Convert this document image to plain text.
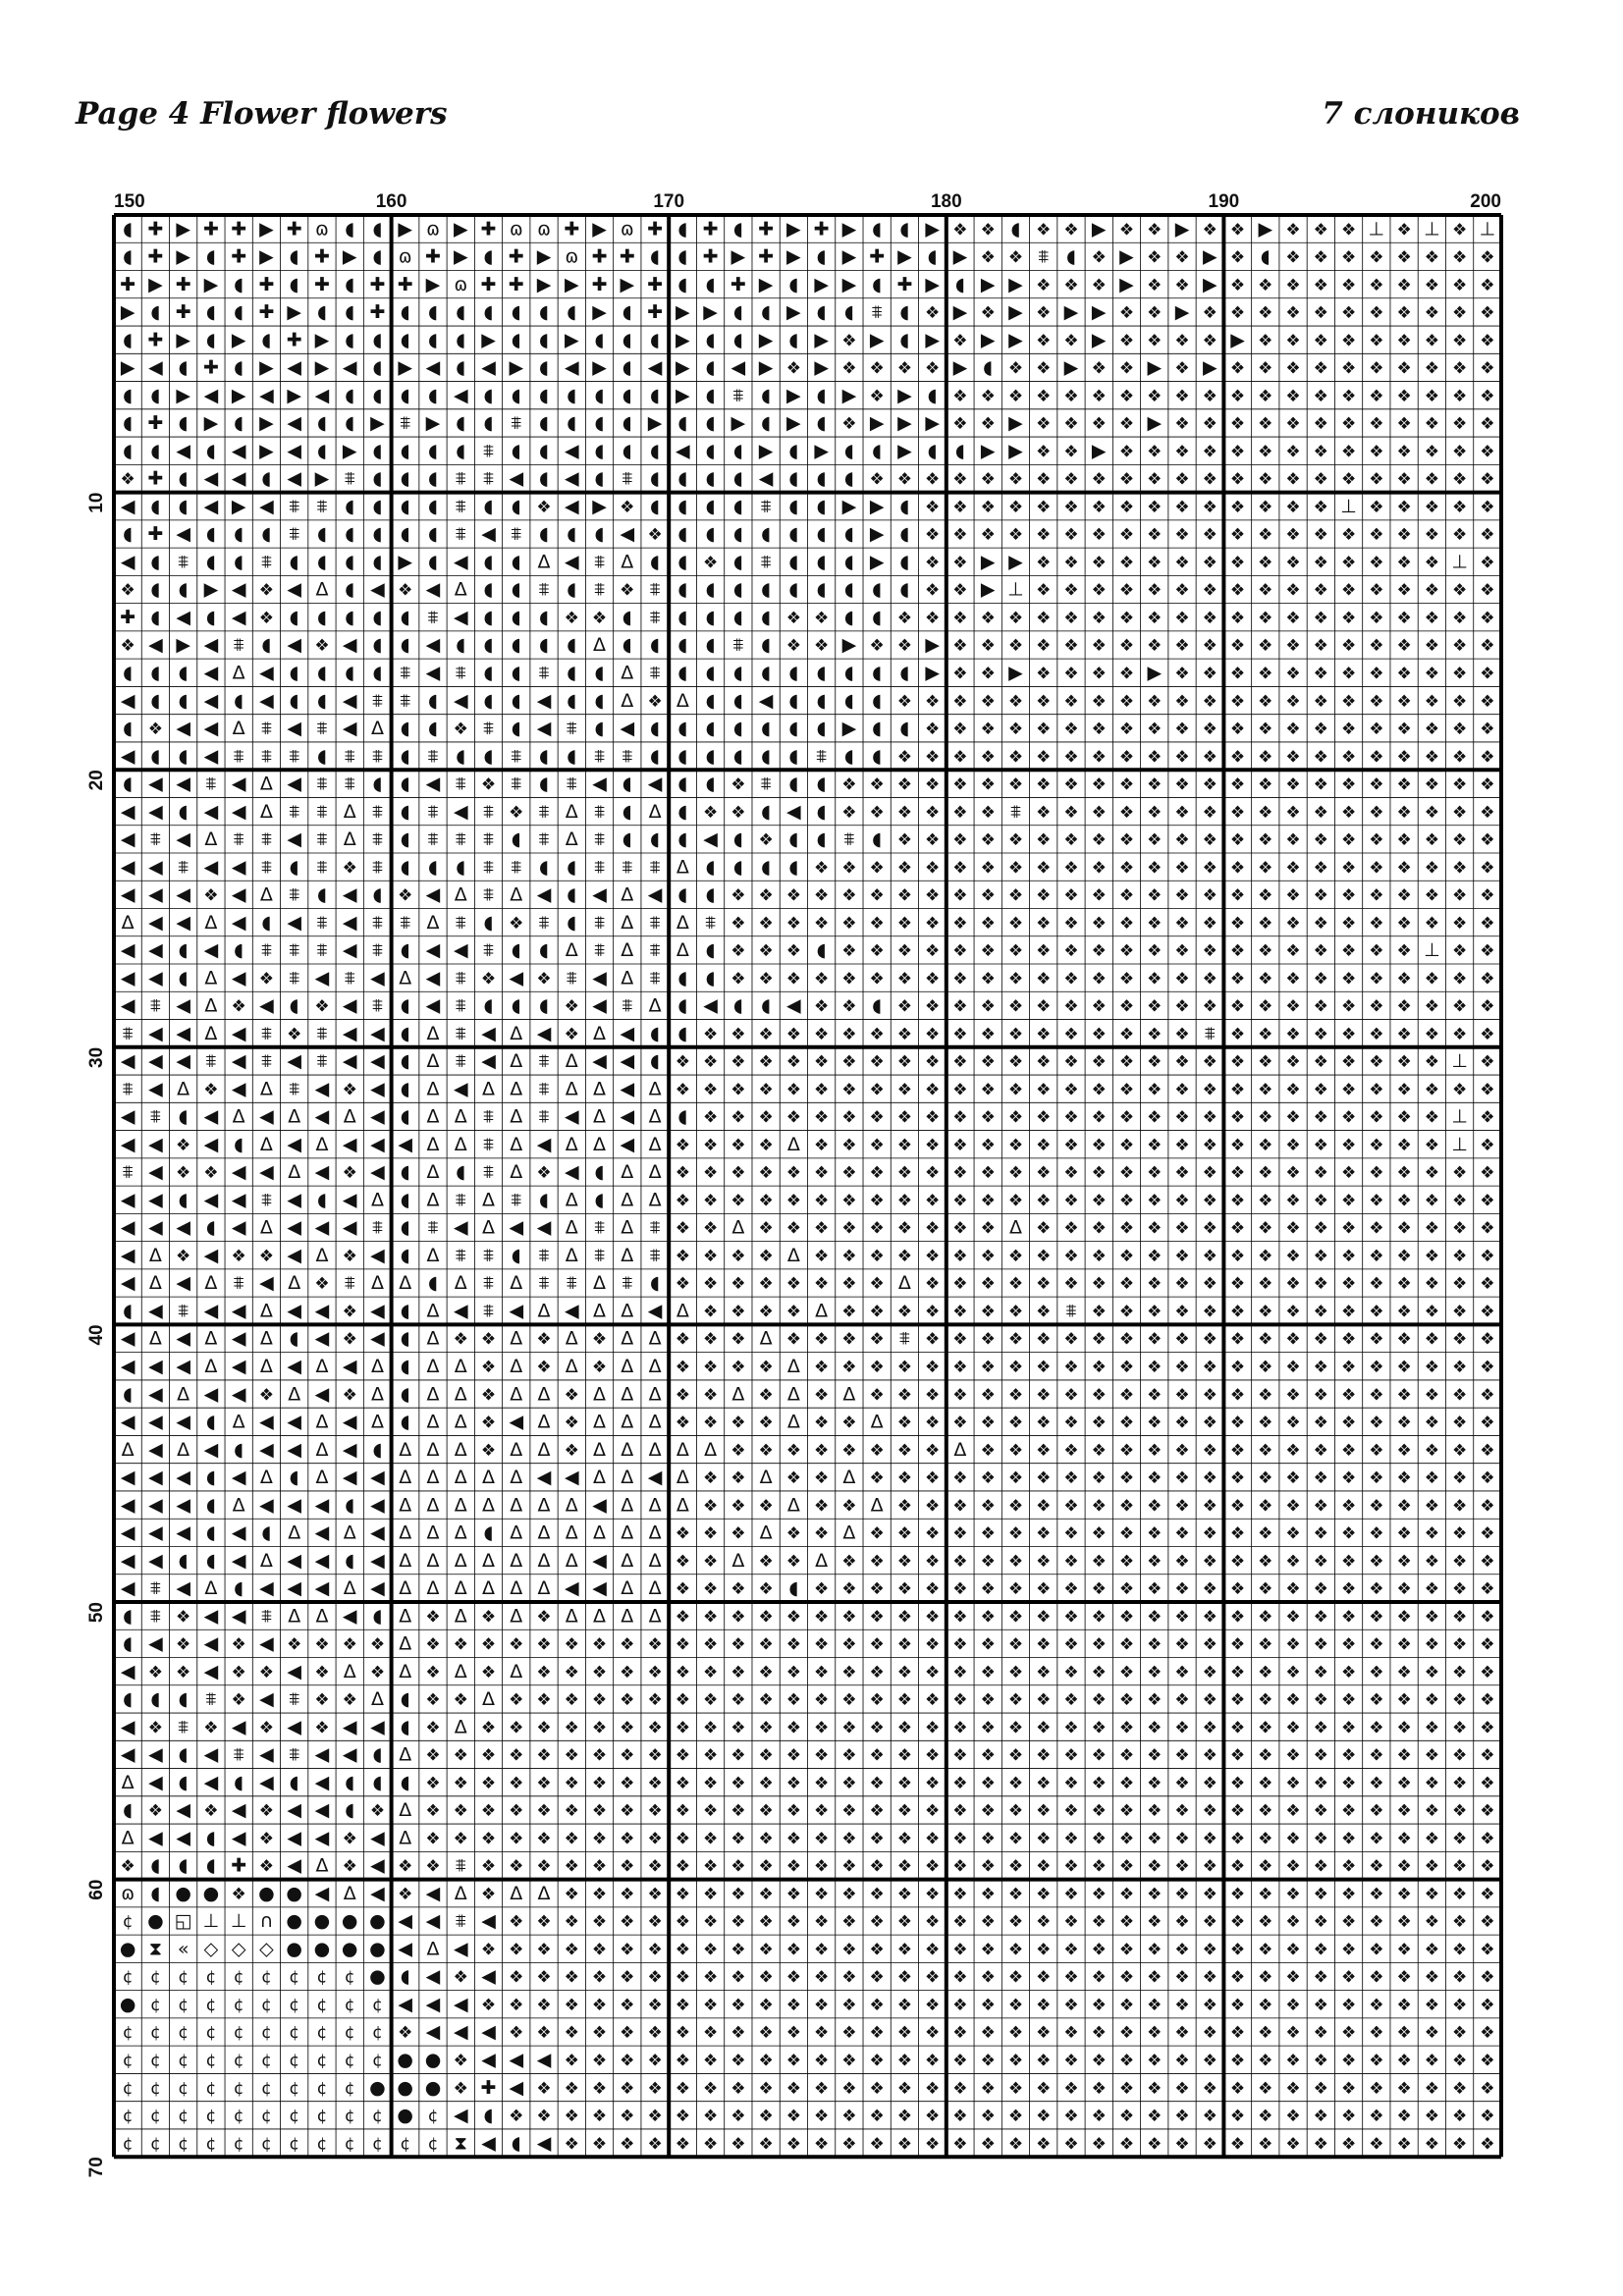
Page 4 Flower flowers	7 слоников
150	160	170	180	190	200
10
20
30
40
50
60
70
◖ ✚ ▶ ✚ ✚ ▶ ✚ ɷ ◖ ◖ ▶ ɷ ▶ ✚ ɷ ɷ ✚ ▶ ɷ ✚ ◖ ✚ ◖ ✚ ▶ ✚ ▶ ◖ ◖ ▶ ❖ ❖ ◖ ❖ ❖ ▶ ❖ ❖ ▶ ❖ ❖ ▶ ❖ ❖ ❖ ⊥ ❖ ⊥ ❖ ⊥
◖ ✚ ▶ ◖ ✚ ▶ ◖ ✚ ▶ ◖ ɷ ✚ ▶ ◖ ✚ ▶ ɷ ✚ ✚ ◖ ◖ ✚ ▶ ✚ ▶ ◖ ▶ ✚ ▶ ◖ ▶ ❖ ❖ ⩨ ◖ ❖ ▶ ❖ ❖ ▶ ❖ ◖ ❖ ❖ ❖ ❖ ❖ ❖ ❖ ❖
✚ ▶ ✚ ▶ ◖ ✚ ◖ ✚ ◖ ✚ ✚ ▶ ɷ ✚ ✚ ▶ ▶ ✚ ▶ ✚ ◖ ◖ ✚ ▶ ◖ ▶ ▶ ◖ ✚ ▶ ◖ ▶ ▶ ❖ ❖ ❖ ▶ ❖ ❖ ▶ ❖ ❖ ❖ ❖ ❖ ❖ ❖ ❖ ❖ ❖
▶ ◖ ✚ ◖ ◖ ✚ ▶ ◖ ◖ ✚ ◖ ◖ ◖ ◖ ◖ ◖ ◖ ▶ ◖ ✚ ▶ ▶ ◖ ◖ ▶ ◖ ◖ ⩨ ◖ ❖ ▶ ❖ ▶ ❖ ▶ ▶ ❖ ❖ ▶ ❖ ❖ ❖ ❖ ❖ ❖ ❖ ❖ ❖ ❖ ❖
◖ ✚ ▶ ◖ ▶ ◖ ✚ ▶ ◖ ◖ ◖ ◖ ◖ ▶ ◖ ◖ ▶ ◖ ◖ ◖ ▶ ◖ ◖ ▶ ◖ ▶ ❖ ▶ ◖ ▶ ❖ ▶ ▶ ❖ ❖ ▶ ❖ ❖ ❖ ❖ ▶ ❖ ❖ ❖ ❖ ❖ ❖ ❖ ❖ ❖
▶ ◀ ◖ ✚ ◖ ▶ ◀ ▶ ◀ ◖ ▶ ◀ ◖ ◀ ▶ ◖ ◀ ▶ ◖ ◀ ▶ ◖ ◀ ▶ ❖ ▶ ❖ ❖ ❖ ❖ ▶ ◖ ❖ ❖ ▶ ❖ ❖ ▶ ❖ ▶ ❖ ❖ ❖ ❖ ❖ ❖ ❖ ❖ ❖ ❖
◖ ◖ ▶ ◀ ▶ ◀ ▶ ◀ ◖ ◖ ◖ ◖ ◀ ◖ ◖ ◖ ◖ ◖ ◖ ◖ ▶ ◖ ⩨ ◖ ▶ ◖ ▶ ❖ ▶ ◖ ❖ ❖ ❖ ❖ ❖ ❖ ❖ ❖ ❖ ❖ ❖ ❖ ❖ ❖ ❖ ❖ ❖ ❖ ❖ ❖
◖ ✚ ◖ ▶ ◖ ▶ ◀ ◖ ◖ ▶ ⩨ ▶ ◖ ◖ ⩨ ◖ ◖ ◖ ◖ ▶ ◖ ◖ ▶ ◖ ▶ ◖ ❖ ▶ ▶ ▶ ❖ ❖ ▶ ❖ ❖ ❖ ❖ ▶ ❖ ❖ ❖ ❖ ❖ ❖ ❖ ❖ ❖ ❖ ❖ ❖
◖ ◖ ◀ ◖ ◀ ▶ ◀ ◖ ▶ ◖ ◖ ◖ ◖ ⩨ ◖ ◖ ◀ ◖ ◖ ◖ ◀ ◖ ◖ ▶ ◖ ▶ ◖ ◖ ▶ ◖ ◖ ▶ ▶ ❖ ❖ ▶ ❖ ❖ ❖ ❖ ❖ ❖ ❖ ❖ ❖ ❖ ❖ ❖ ❖ ❖
❖ ✚ ◖ ◀ ◀ ◖ ◀ ▶ ⩨ ◖ ◖ ◖ ⩨ ⩨ ◀ ◖ ◀ ◖ ⩨ ◖ ◖ ◖ ◖ ◀ ◖ ◖ ◖ ❖ ❖ ❖ ❖ ❖ ❖ ❖ ❖ ❖ ❖ ❖ ❖ ❖ ❖ ❖ ❖ ❖ ❖ ❖ ❖ ❖ ❖ ❖
◀ ◖ ◖ ◀ ▶ ◀ ⩨ ⩨ ◖ ◖ ◖ ◖ ⩨ ◖ ◖ ❖ ◀ ▶ ❖ ◖ ◖ ◖ ◖ ⩨ ◖ ◖ ▶ ▶ ◖ ❖ ❖ ❖ ❖ ❖ ❖ ❖ ❖ ❖ ❖ ❖ ❖ ❖ ❖ ❖ ⊥ ❖ ❖ ❖ ❖ ❖
◖ ✚ ◀ ◖ ◖ ◖ ⩨ ◖ ◖ ◖ ◖ ◖ ⩨ ◀ ⩨ ◖ ◖ ◖ ◀ ❖ ◖ ◖ ◖ ◖ ◖ ◖ ◖ ▶ ◖ ❖ ❖ ❖ ❖ ❖ ❖ ❖ ❖ ❖ ❖ ❖ ❖ ❖ ❖ ❖ ❖ ❖ ❖ ❖ ❖ ❖
◀ ◖ ⩨ ◖ ◖ ⩨ ◖ ◖ ◖ ◖ ▶ ◖ ◀ ◖ ◖ Δ ◀ ⩨ Δ ◖ ◖ ❖ ◖ ⩨ ◖ ◖ ◖ ▶ ◖ ❖ ❖ ▶ ▶ ❖ ❖ ❖ ❖ ❖ ❖ ❖ ❖ ❖ ❖ ❖ ❖ ❖ ❖ ❖ ⊥ ❖
❖ ◖ ◖ ▶ ◀ ❖ ◀ Δ ◖ ◀ ❖ ◀ Δ ◖ ◖ ⩨ ◖ ⩨ ❖ ⩨ ◖ ◖ ◖ ◖ ◖ ◖ ◖ ◖ ◖ ❖ ❖ ▶ ⊥ ❖ ❖ ❖ ❖ ❖ ❖ ❖ ❖ ❖ ❖ ❖ ❖ ❖ ❖ ❖ ❖ ❖
✚ ◖ ◀ ◖ ◀ ❖ ◖ ◖ ◖ ◖ ◖ ⩨ ◀ ◖ ◖ ◖ ❖ ❖ ◖ ⩨ ◖ ◖ ◖ ◖ ❖ ❖ ◖ ◖ ❖ ❖ ❖ ❖ ❖ ❖ ❖ ❖ ❖ ❖ ❖ ❖ ❖ ❖ ❖ ❖ ❖ ❖ ❖ ❖ ❖ ❖
❖ ◀ ▶ ◀ ⩨ ◖ ◀ ❖ ◀ ◖ ◖ ◀ ◖ ◖ ◖ ◖ ◖ Δ ◖ ◖ ◖ ◖ ⩨ ◖ ❖ ❖ ▶ ❖ ❖ ▶ ❖ ❖ ❖ ❖ ❖ ❖ ❖ ❖ ❖ ❖ ❖ ❖ ❖ ❖ ❖ ❖ ❖ ❖ ❖ ❖
◖ ◖ ◖ ◀ Δ ◀ ◖ ◖ ◖ ◖ ⩨ ◀ ⩨ ◖ ◖ ⩨ ◖ ◖ Δ ⩨ ◖ ◖ ◖ ◖ ◖ ◖ ◖ ◖ ◖ ▶ ❖ ❖ ▶ ❖ ❖ ❖ ❖ ▶ ❖ ❖ ❖ ❖ ❖ ❖ ❖ ❖ ❖ ❖ ❖ ❖
◀ ◖ ◖ ◀ ◖ ◀ ◖ ◖ ◀ ⩨ ⩨ ◖ ◀ ◖ ◖ ◀ ◖ ◖ Δ ❖ Δ ◖ ◖ ◀ ◖ ◖ ◖ ◖ ❖ ❖ ❖ ❖ ❖ ❖ ❖ ❖ ❖ ❖ ❖ ❖ ❖ ❖ ❖ ❖ ❖ ❖ ❖ ❖ ❖ ❖
◖ ❖ ◀ ◀ Δ ⩨ ◀ ⩨ ◀ Δ ◖ ◖ ❖ ⩨ ◖ ◀ ⩨ ◖ ◀ ◖ ◖ ◖ ◖ ◖ ◖ ◖ ▶ ◖ ◖ ❖ ❖ ❖ ❖ ❖ ❖ ❖ ❖ ❖ ❖ ❖ ❖ ❖ ❖ ❖ ❖ ❖ ❖ ❖ ❖ ❖
◀ ◖ ◖ ◀ ⩨ ⩨ ⩨ ◖ ⩨ ⩨ ◖ ⩨ ◖ ◖ ⩨ ◖ ◖ ⩨ ⩨ ◖ ◖ ◖ ◖ ◖ ◖ ⩨ ◖ ◖ ❖ ❖ ❖ ❖ ❖ ❖ ❖ ❖ ❖ ❖ ❖ ❖ ❖ ❖ ❖ ❖ ❖ ❖ ❖ ❖ ❖ ❖
◖ ◀ ◀ ⩨ ◀ Δ ◀ ⩨ ⩨ ◖ ◖ ◀ ⩨ ❖ ⩨ ◖ ⩨ ◀ ◖ ◀ ◖ ◖ ❖ ⩨ ◖ ◖ ❖ ❖ ❖ ❖ ❖ ❖ ❖ ❖ ❖ ❖ ❖ ❖ ❖ ❖ ❖ ❖ ❖ ❖ ❖ ❖ ❖ ❖ ❖ ❖
◀ ◀ ◖ ◀ ◀ Δ ⩨ ⩨ Δ ⩨ ◖ ⩨ ◀ ⩨ ❖ ⩨ Δ ⩨ ◖ Δ ◖ ❖ ❖ ◖ ◀ ◖ ❖ ❖ ❖ ❖ ❖ ❖ ⩨ ❖ ❖ ❖ ❖ ❖ ❖ ❖ ❖ ❖ ❖ ❖ ❖ ❖ ❖ ❖ ❖ ❖
◀ ⩨ ◀ Δ ⩨ ⩨ ◀ ⩨ Δ ⩨ ◖ ⩨ ⩨ ⩨ ◖ ⩨ Δ ⩨ ◖ ◖ ◖ ◀ ◖ ❖ ◖ ◖ ⩨ ◖ ❖ ❖ ❖ ❖ ❖ ❖ ❖ ❖ ❖ ❖ ❖ ❖ ❖ ❖ ❖ ❖ ❖ ❖ ❖ ❖ ❖ ❖
◀ ◀ ⩨ ◀ ◀ ⩨ ◖ ⩨ ❖ ⩨ ◖ ◖ ◖ ⩨ ⩨ ◖ ◖ ⩨ ⩨ ⩨ Δ ◖ ◖ ◖ ◖ ❖ ❖ ❖ ❖ ❖ ❖ ❖ ❖ ❖ ❖ ❖ ❖ ❖ ❖ ❖ ❖ ❖ ❖ ❖ ❖ ❖ ❖ ❖ ❖ ❖
◀ ◀ ◀ ❖ ◀ Δ ⩨ ◖ ◀ ◖ ❖ ◀ Δ ⩨ Δ ◀ ◖ ◀ Δ ◀ ◖ ◖ ❖ ❖ ❖ ❖ ❖ ❖ ❖ ❖ ❖ ❖ ❖ ❖ ❖ ❖ ❖ ❖ ❖ ❖ ❖ ❖ ❖ ❖ ❖ ❖ ❖ ❖ ❖ ❖
Δ ◀ ◀ Δ ◀ ◖ ◀ ⩨ ◀ ⩨ ⩨ Δ ⩨ ◖ ❖ ⩨ ◖ ⩨ Δ ⩨ Δ ⩨ ❖ ❖ ❖ ❖ ❖ ❖ ❖ ❖ ❖ ❖ ❖ ❖ ❖ ❖ ❖ ❖ ❖ ❖ ❖ ❖ ❖ ❖ ❖ ❖ ❖ ❖ ❖ ❖
◀ ◀ ◖ ◀ ◖ ⩨ ⩨ ⩨ ◀ ⩨ ◖ ◀ ◀ ⩨ ◖ ◖ Δ ⩨ Δ ⩨ Δ ◖ ❖ ❖ ❖ ◖ ❖ ❖ ❖ ❖ ❖ ❖ ❖ ❖ ❖ ❖ ❖ ❖ ❖ ❖ ❖ ❖ ❖ ❖ ❖ ❖ ❖ ⊥ ❖ ❖
◀ ◀ ◖ Δ ◀ ❖ ⩨ ◀ ⩨ ◀ Δ ◀ ⩨ ❖ ◀ ❖ ⩨ ◀ Δ ⩨ ◖ ◖ ❖ ❖ ❖ ❖ ❖ ❖ ❖ ❖ ❖ ❖ ❖ ❖ ❖ ❖ ❖ ❖ ❖ ❖ ❖ ❖ ❖ ❖ ❖ ❖ ❖ ❖ ❖ ❖
◀ ⩨ ◀ Δ ❖ ◀ ◖ ❖ ◀ ⩨ ◖ ◀ ⩨ ◖ ◖ ◖ ❖ ◀ ⩨ Δ ◖ ◀ ◖ ◖ ◀ ❖ ❖ ◖ ❖ ❖ ❖ ❖ ❖ ❖ ❖ ❖ ❖ ❖ ❖ ❖ ❖ ❖ ❖ ❖ ❖ ❖ ❖ ❖ ❖ ❖
⩨ ◀ ◀ Δ ◀ ⩨ ❖ ⩨ ◀ ◀ ◖ Δ ⩨ ◀ Δ ◀ ❖ Δ ◀ ◖ ◖ ❖ ❖ ❖ ❖ ❖ ❖ ❖ ❖ ❖ ❖ ❖ ❖ ❖ ❖ ❖ ❖ ❖ ❖ ⩨ ❖ ❖ ❖ ❖ ❖ ❖ ❖ ❖ ❖ ❖
◀ ◀ ◀ ⩨ ◀ ⩨ ◀ ⩨ ◀ ◀ ◖ Δ ⩨ ◀ Δ ⩨ Δ ◀ ◀ ◖ ❖ ❖ ❖ ❖ ❖ ❖ ❖ ❖ ❖ ❖ ❖ ❖ ❖ ❖ ❖ ❖ ❖ ❖ ❖ ❖ ❖ ❖ ❖ ❖ ❖ ❖ ❖ ❖ ⊥ ❖
⩨ ◀ Δ ❖ ◀ Δ ⩨ ◀ ❖ ◀ ◖ Δ ◀ Δ Δ ⩨ Δ Δ ◀ Δ ❖ ❖ ❖ ❖ ❖ ❖ ❖ ❖ ❖ ❖ ❖ ❖ ❖ ❖ ❖ ❖ ❖ ❖ ❖ ❖ ❖ ❖ ❖ ❖ ❖ ❖ ❖ ❖ ❖ ❖
◀ ⩨ ◖ ◀ Δ ◀ Δ ◀ Δ ◀ ◖ Δ Δ ⩨ Δ ⩨ ◀ Δ ◀ Δ ◖ ❖ ❖ ❖ ❖ ❖ ❖ ❖ ❖ ❖ ❖ ❖ ❖ ❖ ❖ ❖ ❖ ❖ ❖ ❖ ❖ ❖ ❖ ❖ ❖ ❖ ❖ ❖ ⊥ ❖
◀ ◀ ❖ ◀ ◖ Δ ◀ Δ ◀ ◀ ◀ Δ Δ ⩨ Δ ◀ Δ Δ ◀ Δ ❖ ❖ ❖ ❖ Δ ❖ ❖ ❖ ❖ ❖ ❖ ❖ ❖ ❖ ❖ ❖ ❖ ❖ ❖ ❖ ❖ ❖ ❖ ❖ ❖ ❖ ❖ ❖ ⊥ ❖
⩨ ◀ ❖ ❖ ◀ ◀ Δ ◀ ❖ ◀ ◖ Δ ◖ ⩨ Δ ❖ ◀ ◖ Δ Δ ❖ ❖ ❖ ❖ ❖ ❖ ❖ ❖ ❖ ❖ ❖ ❖ ❖ ❖ ❖ ❖ ❖ ❖ ❖ ❖ ❖ ❖ ❖ ❖ ❖ ❖ ❖ ❖ ❖ ❖
◀ ◀ ◖ ◀ ◀ ⩨ ◀ ◖ ◀ Δ ◖ Δ ⩨ Δ ⩨ ◖ Δ ◖ Δ Δ ❖ ❖ ❖ ❖ ❖ ❖ ❖ ❖ ❖ ❖ ❖ ❖ ❖ ❖ ❖ ❖ ❖ ❖ ❖ ❖ ❖ ❖ ❖ ❖ ❖ ❖ ❖ ❖ ❖ ❖
◀ ◀ ◀ ◖ ◀ Δ ◀ ◀ ◀ ⩨ ◖ ⩨ ◀ Δ ◀ ◀ Δ ⩨ Δ ⩨ ❖ ❖ Δ ❖ ❖ ❖ ❖ ❖ ❖ ❖ ❖ ❖ Δ ❖ ❖ ❖ ❖ ❖ ❖ ❖ ❖ ❖ ❖ ❖ ❖ ❖ ❖ ❖ ❖ ❖
◀ Δ ❖ ◀ ❖ ❖ ◀ Δ ❖ ◀ ◖ Δ ⩨ ⩨ ◖ ⩨ Δ ⩨ Δ ⩨ ❖ ❖ ❖ ❖ Δ ❖ ❖ ❖ ❖ ❖ ❖ ❖ ❖ ❖ ❖ ❖ ❖ ❖ ❖ ❖ ❖ ❖ ❖ ❖ ❖ ❖ ❖ ❖ ❖ ❖
◀ Δ ◀ Δ ⩨ ◀ Δ ❖ ⩨ Δ Δ ◖ Δ ⩨ Δ ⩨ ⩨ Δ ⩨ ◖ ❖ ❖ ❖ ❖ ❖ ❖ ❖ ❖ Δ ❖ ❖ ❖ ❖ ❖ ❖ ❖ ❖ ❖ ❖ ❖ ❖ ❖ ❖ ❖ ❖ ❖ ❖ ❖ ❖ ❖
◖ ◀ ⩨ ◀ ◀ Δ ◀ ◀ ❖ ◀ ◖ Δ ◀ ⩨ ◀ Δ ◀ Δ Δ ◀ Δ ❖ ❖ ❖ ❖ Δ ❖ ❖ ❖ ❖ ❖ ❖ ❖ ❖ ⩨ ❖ ❖ ❖ ❖ ❖ ❖ ❖ ❖ ❖ ❖ ❖ ❖ ❖ ❖ ❖
◀ Δ ◀ Δ ◀ Δ ◖ ◀ ❖ ◀ ◖ Δ ❖ ❖ Δ ❖ Δ ❖ Δ Δ ❖ ❖ ❖ Δ ❖ ❖ ❖ ❖ ⩨ ❖ ❖ ❖ ❖ ❖ ❖ ❖ ❖ ❖ ❖ ❖ ❖ ❖ ❖ ❖ ❖ ❖ ❖ ❖ ❖ ❖
◀ ◀ ◀ Δ ◀ Δ ◀ Δ ◀ Δ ◖ Δ Δ ❖ Δ ❖ Δ ❖ Δ Δ ❖ ❖ ❖ ❖ Δ ❖ ❖ ❖ ❖ ❖ ❖ ❖ ❖ ❖ ❖ ❖ ❖ ❖ ❖ ❖ ❖ ❖ ❖ ❖ ❖ ❖ ❖ ❖ ❖ ❖
◖ ◀ Δ ◀ ◀ ❖ Δ ◀ ❖ Δ ◖ Δ Δ ❖ Δ Δ ❖ Δ Δ Δ ❖ ❖ Δ ❖ Δ ❖ Δ ❖ ❖ ❖ ❖ ❖ ❖ ❖ ❖ ❖ ❖ ❖ ❖ ❖ ❖ ❖ ❖ ❖ ❖ ❖ ❖ ❖ ❖ ❖
◀ ◀ ◀ ◖ Δ ◀ ◀ Δ ◀ Δ ◖ Δ Δ ❖ ◀ Δ ❖ Δ Δ Δ ❖ ❖ ❖ ❖ Δ ❖ ❖ Δ ❖ ❖ ❖ ❖ ❖ ❖ ❖ ❖ ❖ ❖ ❖ ❖ ❖ ❖ ❖ ❖ ❖ ❖ ❖ ❖ ❖ ❖
Δ ◀ Δ ◀ ◖ ◀ ◀ Δ ◀ ◖ Δ Δ Δ ❖ Δ Δ ❖ Δ Δ Δ Δ Δ ❖ ❖ ❖ ❖ ❖ ❖ ❖ ❖ Δ ❖ ❖ ❖ ❖ ❖ ❖ ❖ ❖ ❖ ❖ ❖ ❖ ❖ ❖ ❖ ❖ ❖ ❖ ❖
◀ ◀ ◀ ◖ ◀ Δ ◖ Δ ◀ ◀ Δ Δ Δ Δ Δ ◀ ◀ Δ Δ ◀ Δ ❖ ❖ Δ ❖ ❖ Δ ❖ ❖ ❖ ❖ ❖ ❖ ❖ ❖ ❖ ❖ ❖ ❖ ❖ ❖ ❖ ❖ ❖ ❖ ❖ ❖ ❖ ❖ ❖
◀ ◀ ◀ ◖ Δ ◀ ◀ ◀ ◖ ◀ Δ Δ Δ Δ Δ Δ Δ ◀ Δ Δ Δ ❖ ❖ ❖ Δ ❖ ❖ Δ ❖ ❖ ❖ ❖ ❖ ❖ ❖ ❖ ❖ ❖ ❖ ❖ ❖ ❖ ❖ ❖ ❖ ❖ ❖ ❖ ❖ ❖
◀ ◀ ◀ ◖ ◀ ◖ Δ ◀ Δ ◀ Δ Δ Δ ◖ Δ Δ Δ Δ Δ Δ ❖ ❖ ❖ Δ ❖ ❖ Δ ❖ ❖ ❖ ❖ ❖ ❖ ❖ ❖ ❖ ❖ ❖ ❖ ❖ ❖ ❖ ❖ ❖ ❖ ❖ ❖ ❖ ❖ ❖
◀ ◀ ◖ ◖ ◀ Δ ◀ ◀ ◖ ◀ Δ Δ Δ Δ Δ Δ Δ ◀ Δ Δ ❖ ❖ Δ ❖ ❖ Δ ❖ ❖ ❖ ❖ ❖ ❖ ❖ ❖ ❖ ❖ ❖ ❖ ❖ ❖ ❖ ❖ ❖ ❖ ❖ ❖ ❖ ❖ ❖ ❖
◀ ⩨ ◀ Δ ◖ ◀ ◀ ◀ Δ ◀ Δ Δ Δ Δ Δ Δ ◀ ◀ Δ Δ ❖ ❖ ❖ ❖ ◖ ❖ ❖ ❖ ❖ ❖ ❖ ❖ ❖ ❖ ❖ ❖ ❖ ❖ ❖ ❖ ❖ ❖ ❖ ❖ ❖ ❖ ❖ ❖ ❖ ❖
◖ ⩨ ❖ ◀ ◀ ⩨ Δ Δ ◀ ◖ Δ ❖ Δ ❖ Δ ❖ Δ Δ Δ Δ ❖ ❖ ❖ ❖ ❖ ❖ ❖ ❖ ❖ ❖ ❖ ❖ ❖ ❖ ❖ ❖ ❖ ❖ ❖ ❖ ❖ ❖ ❖ ❖ ❖ ❖ ❖ ❖ ❖ ❖
◖ ◀ ❖ ◀ ❖ ◀ ❖ ❖ ❖ ❖ Δ ❖ ❖ ❖ ❖ ❖ ❖ ❖ ❖ ❖ ❖ ❖ ❖ ❖ ❖ ❖ ❖ ❖ ❖ ❖ ❖ ❖ ❖ ❖ ❖ ❖ ❖ ❖ ❖ ❖ ❖ ❖ ❖ ❖ ❖ ❖ ❖ ❖ ❖ ❖
◀ ❖ ❖ ◀ ❖ ❖ ◀ ❖ Δ ❖ Δ ❖ Δ ❖ Δ ❖ ❖ ❖ ❖ ❖ ❖ ❖ ❖ ❖ ❖ ❖ ❖ ❖ ❖ ❖ ❖ ❖ ❖ ❖ ❖ ❖ ❖ ❖ ❖ ❖ ❖ ❖ ❖ ❖ ❖ ❖ ❖ ❖ ❖ ❖
◖ ◖ ◖ ⩨ ❖ ◀ ⩨ ❖ ❖ Δ ◖ ❖ ❖ Δ ❖ ❖ ❖ ❖ ❖ ❖ ❖ ❖ ❖ ❖ ❖ ❖ ❖ ❖ ❖ ❖ ❖ ❖ ❖ ❖ ❖ ❖ ❖ ❖ ❖ ❖ ❖ ❖ ❖ ❖ ❖ ❖ ❖ ❖ ❖ ❖
◀ ❖ ⩨ ❖ ◀ ❖ ◀ ❖ ◀ ◀ ◖ ❖ Δ ❖ ❖ ❖ ❖ ❖ ❖ ❖ ❖ ❖ ❖ ❖ ❖ ❖ ❖ ❖ ❖ ❖ ❖ ❖ ❖ ❖ ❖ ❖ ❖ ❖ ❖ ❖ ❖ ❖ ❖ ❖ ❖ ❖ ❖ ❖ ❖ ❖
◀ ◀ ◖ ◀ ⩨ ◀ ⩨ ◀ ◀ ◖ Δ ❖ ❖ ❖ ❖ ❖ ❖ ❖ ❖ ❖ ❖ ❖ ❖ ❖ ❖ ❖ ❖ ❖ ❖ ❖ ❖ ❖ ❖ ❖ ❖ ❖ ❖ ❖ ❖ ❖ ❖ ❖ ❖ ❖ ❖ ❖ ❖ ❖ ❖ ❖
Δ ◀ ◖ ◀ ◖ ◀ ◖ ◀ ◖ ◖ ◖ ❖ ❖ ❖ ❖ ❖ ❖ ❖ ❖ ❖ ❖ ❖ ❖ ❖ ❖ ❖ ❖ ❖ ❖ ❖ ❖ ❖ ❖ ❖ ❖ ❖ ❖ ❖ ❖ ❖ ❖ ❖ ❖ ❖ ❖ ❖ ❖ ❖ ❖ ❖
◖ ❖ ◀ ❖ ◀ ❖ ◀ ◀ ◖ ❖ Δ ❖ ❖ ❖ ❖ ❖ ❖ ❖ ❖ ❖ ❖ ❖ ❖ ❖ ❖ ❖ ❖ ❖ ❖ ❖ ❖ ❖ ❖ ❖ ❖ ❖ ❖ ❖ ❖ ❖ ❖ ❖ ❖ ❖ ❖ ❖ ❖ ❖ ❖ ❖
Δ ◀ ◀ ◖ ◀ ❖ ◀ ◀ ❖ ◀ Δ ❖ ❖ ❖ ❖ ❖ ❖ ❖ ❖ ❖ ❖ ❖ ❖ ❖ ❖ ❖ ❖ ❖ ❖ ❖ ❖ ❖ ❖ ❖ ❖ ❖ ❖ ❖ ❖ ❖ ❖ ❖ ❖ ❖ ❖ ❖ ❖ ❖ ❖ ❖
❖ ◖ ◖ ◖ ✚ ❖ ◀ Δ ❖ ◀ ❖ ❖ ⩨ ❖ ❖ ❖ ❖ ❖ ❖ ❖ ❖ ❖ ❖ ❖ ❖ ❖ ❖ ❖ ❖ ❖ ❖ ❖ ❖ ❖ ❖ ❖ ❖ ❖ ❖ ❖ ❖ ❖ ❖ ❖ ❖ ❖ ❖ ❖ ❖ ❖
ɷ ◖ ● ● ❖ ● ● ◀ Δ ◀ ❖ ◀ Δ ❖ Δ Δ ❖ ❖ ❖ ❖ ❖ ❖ ❖ ❖ ❖ ❖ ❖ ❖ ❖ ❖ ❖ ❖ ❖ ❖ ❖ ❖ ❖ ❖ ❖ ❖ ❖ ❖ ❖ ❖ ❖ ❖ ❖ ❖ ❖ ❖
¢ ● ◱ ⊥ ⊥ ∩ ● ● ● ● ◀ ◀ ⩨ ◀ ❖ ❖ ❖ ❖ ❖ ❖ ❖ ❖ ❖ ❖ ❖ ❖ ❖ ❖ ❖ ❖ ❖ ❖ ❖ ❖ ❖ ❖ ❖ ❖ ❖ ❖ ❖ ❖ ❖ ❖ ❖ ❖ ❖ ❖ ❖ ❖
● ⧗ « ◇ ◇ ◇ ● ● ● ● ◀ Δ ◀ ❖ ❖ ❖ ❖ ❖ ❖ ❖ ❖ ❖ ❖ ❖ ❖ ❖ ❖ ❖ ❖ ❖ ❖ ❖ ❖ ❖ ❖ ❖ ❖ ❖ ❖ ❖ ❖ ❖ ❖ ❖ ❖ ❖ ❖ ❖ ❖ ❖
¢ ¢ ¢ ¢ ¢ ¢ ¢ ¢ ¢ ● ◖ ◀ ❖ ◀ ❖ ❖ ❖ ❖ ❖ ❖ ❖ ❖ ❖ ❖ ❖ ❖ ❖ ❖ ❖ ❖ ❖ ❖ ❖ ❖ ❖ ❖ ❖ ❖ ❖ ❖ ❖ ❖ ❖ ❖ ❖ ❖ ❖ ❖ ❖ ❖
● ¢ ¢ ¢ ¢ ¢ ¢ ¢ ¢ ¢ ◀ ◀ ◀ ❖ ❖ ❖ ❖ ❖ ❖ ❖ ❖ ❖ ❖ ❖ ❖ ❖ ❖ ❖ ❖ ❖ ❖ ❖ ❖ ❖ ❖ ❖ ❖ ❖ ❖ ❖ ❖ ❖ ❖ ❖ ❖ ❖ ❖ ❖ ❖ ❖
¢ ¢ ¢ ¢ ¢ ¢ ¢ ¢ ¢ ¢ ❖ ◀ ◀ ◀ ❖ ❖ ❖ ❖ ❖ ❖ ❖ ❖ ❖ ❖ ❖ ❖ ❖ ❖ ❖ ❖ ❖ ❖ ❖ ❖ ❖ ❖ ❖ ❖ ❖ ❖ ❖ ❖ ❖ ❖ ❖ ❖ ❖ ❖ ❖ ❖
¢ ¢ ¢ ¢ ¢ ¢ ¢ ¢ ¢ ¢ ● ● ❖ ◀ ◀ ◀ ❖ ❖ ❖ ❖ ❖ ❖ ❖ ❖ ❖ ❖ ❖ ❖ ❖ ❖ ❖ ❖ ❖ ❖ ❖ ❖ ❖ ❖ ❖ ❖ ❖ ❖ ❖ ❖ ❖ ❖ ❖ ❖ ❖ ❖
¢ ¢ ¢ ¢ ¢ ¢ ¢ ¢ ¢ ● ● ● ❖ ✚ ◀ ❖ ❖ ❖ ❖ ❖ ❖ ❖ ❖ ❖ ❖ ❖ ❖ ❖ ❖ ❖ ❖ ❖ ❖ ❖ ❖ ❖ ❖ ❖ ❖ ❖ ❖ ❖ ❖ ❖ ❖ ❖ ❖ ❖ ❖ ❖
¢ ¢ ¢ ¢ ¢ ¢ ¢ ¢ ¢ ¢ ● ¢ ◀ ◖ ❖ ❖ ❖ ❖ ❖ ❖ ❖ ❖ ❖ ❖ ❖ ❖ ❖ ❖ ❖ ❖ ❖ ❖ ❖ ❖ ❖ ❖ ❖ ❖ ❖ ❖ ❖ ❖ ❖ ❖ ❖ ❖ ❖ ❖ ❖ ❖
¢ ¢ ¢ ¢ ¢ ¢ ¢ ¢ ¢ ¢ ¢ ¢ ⧗ ◀ ◖ ◀ ❖ ❖ ❖ ❖ ❖ ❖ ❖ ❖ ❖ ❖ ❖ ❖ ❖ ❖ ❖ ❖ ❖ ❖ ❖ ❖ ❖ ❖ ❖ ❖ ❖ ❖ ❖ ❖ ❖ ❖ ❖ ❖ ❖ ❖
